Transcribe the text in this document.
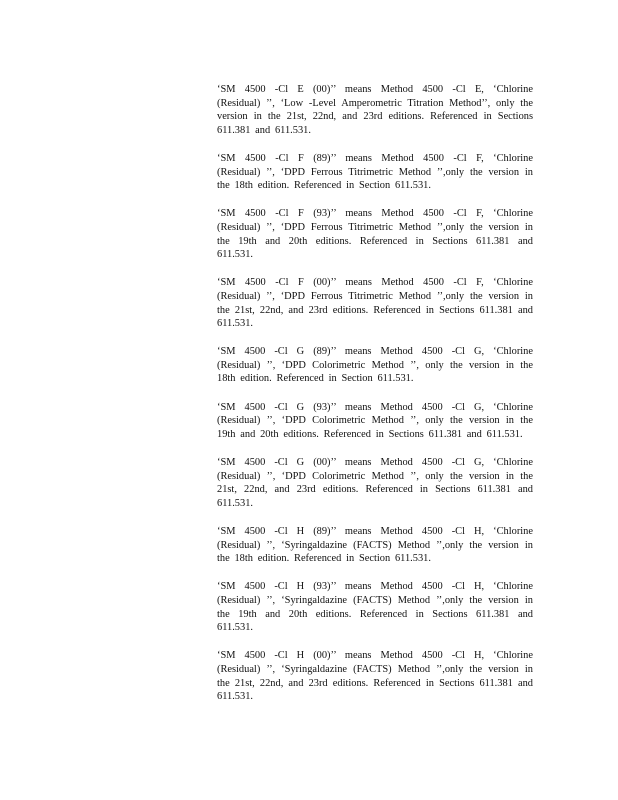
‘SM 4500 -Cl E (00)’’ means Method 4500 -Cl E, ‘Chlorine (Residual) ’’, ‘Low -Level Amperometric Titration Method’’, only the version in the 21st, 22nd, and 23rd editions. Referenced in Sections 611.381 and 611.531.

‘SM 4500 -Cl F (89)’’ means Method 4500 -Cl F, ‘Chlorine (Residual) ’’, ‘DPD Ferrous Titrimetric Method ’’,only the version in the 18th edition. Referenced in Section 611.531.

‘SM 4500 -Cl F (93)’’ means Method 4500 -Cl F, ‘Chlorine (Residual) ’’, ‘DPD Ferrous Titrimetric Method ’’,only the version in the 19th and 20th editions. Referenced in Sections 611.381 and 611.531.

‘SM 4500 -Cl F (00)’’ means Method 4500 -Cl F, ‘Chlorine (Residual) ’’, ‘DPD Ferrous Titrimetric Method ’’,only the version in the 21st, 22nd, and 23rd editions. Referenced in Sections 611.381 and 611.531.

‘SM 4500 -Cl G (89)’’ means Method 4500 -Cl G, ‘Chlorine (Residual) ’’, ‘DPD Colorimetric Method ’’, only the version in the 18th edition. Referenced in Section 611.531.

‘SM 4500 -Cl G (93)’’ means Method 4500 -Cl G, ‘Chlorine (Residual) ’’, ‘DPD Colorimetric Method ’’, only the version in the 19th and 20th editions. Referenced in Sections 611.381 and 611.531.

‘SM 4500 -Cl G (00)’’ means Method 4500 -Cl G, ‘Chlorine (Residual) ’’, ‘DPD Colorimetric Method ’’, only the version in the 21st, 22nd, and 23rd editions. Referenced in Sections 611.381 and 611.531.

‘SM 4500 -Cl H (89)’’ means Method 4500 -Cl H, ‘Chlorine (Residual) ’’, ‘Syringaldazine (FACTS) Method ’’,only the version in the 18th edition. Referenced in Section 611.531.

‘SM 4500 -Cl H (93)’’ means Method 4500 -Cl H, ‘Chlorine (Residual) ’’, ‘Syringaldazine (FACTS) Method ’’,only the version in the 19th and 20th editions. Referenced in Sections 611.381 and 611.531.

‘SM 4500 -Cl H (00)’’ means Method 4500 -Cl H, ‘Chlorine (Residual) ’’, ‘Syringaldazine (FACTS) Method ’’,only the version in the 21st, 22nd, and 23rd editions. Referenced in Sections 611.381 and 611.531.
